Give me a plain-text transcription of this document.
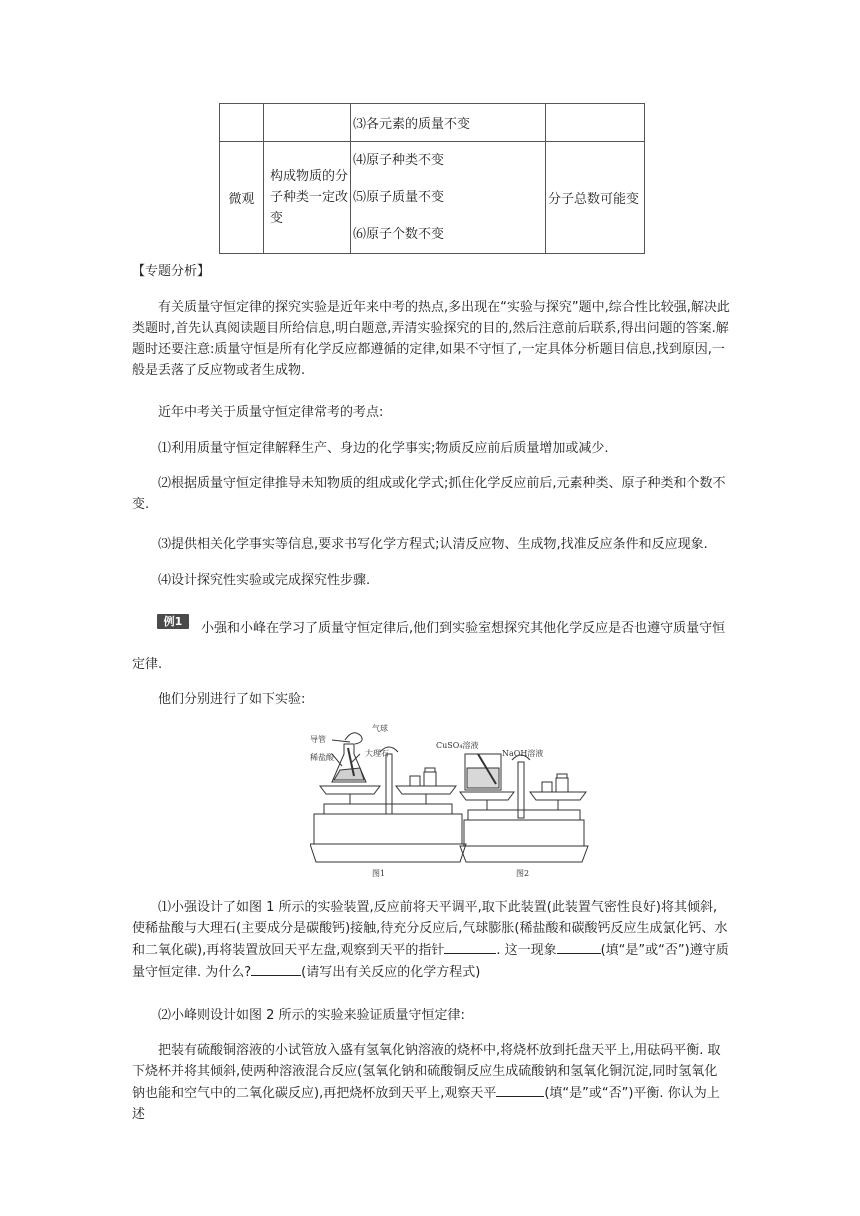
		⑶各元素的质量不变	
微观	构成物质的分子种类一定改变	⑷原子种类不变
⑸原子质量不变
⑹原子个数不变	分子总数可能变
【专题分析】
有关质量守恒定律的探究实验是近年来中考的热点,多出现在“实验与探究”题中,综合性比较强,解决此类题时,首先认真阅读题目所给信息,明白题意,弄清实验探究的目的,然后注意前后联系,得出问题的答案.解题时还要注意:质量守恒是所有化学反应都遵循的定律,如果不守恒了,一定具体分析题目信息,找到原因,一般是丢落了反应物或者生成物.
近年中考关于质量守恒定律常考的考点:
⑴利用质量守恒定律解释生产、身边的化学事实;物质反应前后质量增加或减少.
⑵根据质量守恒定律推导未知物质的组成或化学式;抓住化学反应前后,元素种类、原子种类和个数不变.
⑶提供相关化学事实等信息,要求书写化学方程式;认清反应物、生成物,找准反应条件和反应现象.
⑷设计探究性实验或完成探究性步骤.
例1	小强和小峰在学习了质量守恒定律后,他们到实验室想探究其他化学反应是否也遵守质量守恒
定律.
他们分别进行了如下实验:
导管
气球
稀盐酸	大理石
图1
CuSO₄溶液
NaOH溶液
图2
⑴小强设计了如图 1 所示的实验装置,反应前将天平调平,取下此装置(此装置气密性良好)将其倾斜,使稀盐酸与大理石(主要成分是碳酸钙)接触,待充分反应后,气球膨胀(稀盐酸和碳酸钙反应生成氯化钙、水和二氧化碳),再将装置放回天平左盘,观察到天平的指针	. 这一现象	(填“是”或“否”)遵守质量守恒定律. 为什么?	(请写出有关反应的化学方程式)
⑵小峰则设计如图 2 所示的实验来验证质量守恒定律:
把装有硫酸铜溶液的小试管放入盛有氢氧化钠溶液的烧杯中,将烧杯放到托盘天平上,用砝码平衡. 取下烧杯并将其倾斜,使两种溶液混合反应(氢氧化钠和硫酸铜反应生成硫酸钠和氢氧化铜沉淀,同时氢氧化钠也能和空气中的二氧化碳反应),再把烧杯放到天平上,观察天平	(填“是”或“否”)平衡. 你认为上述
